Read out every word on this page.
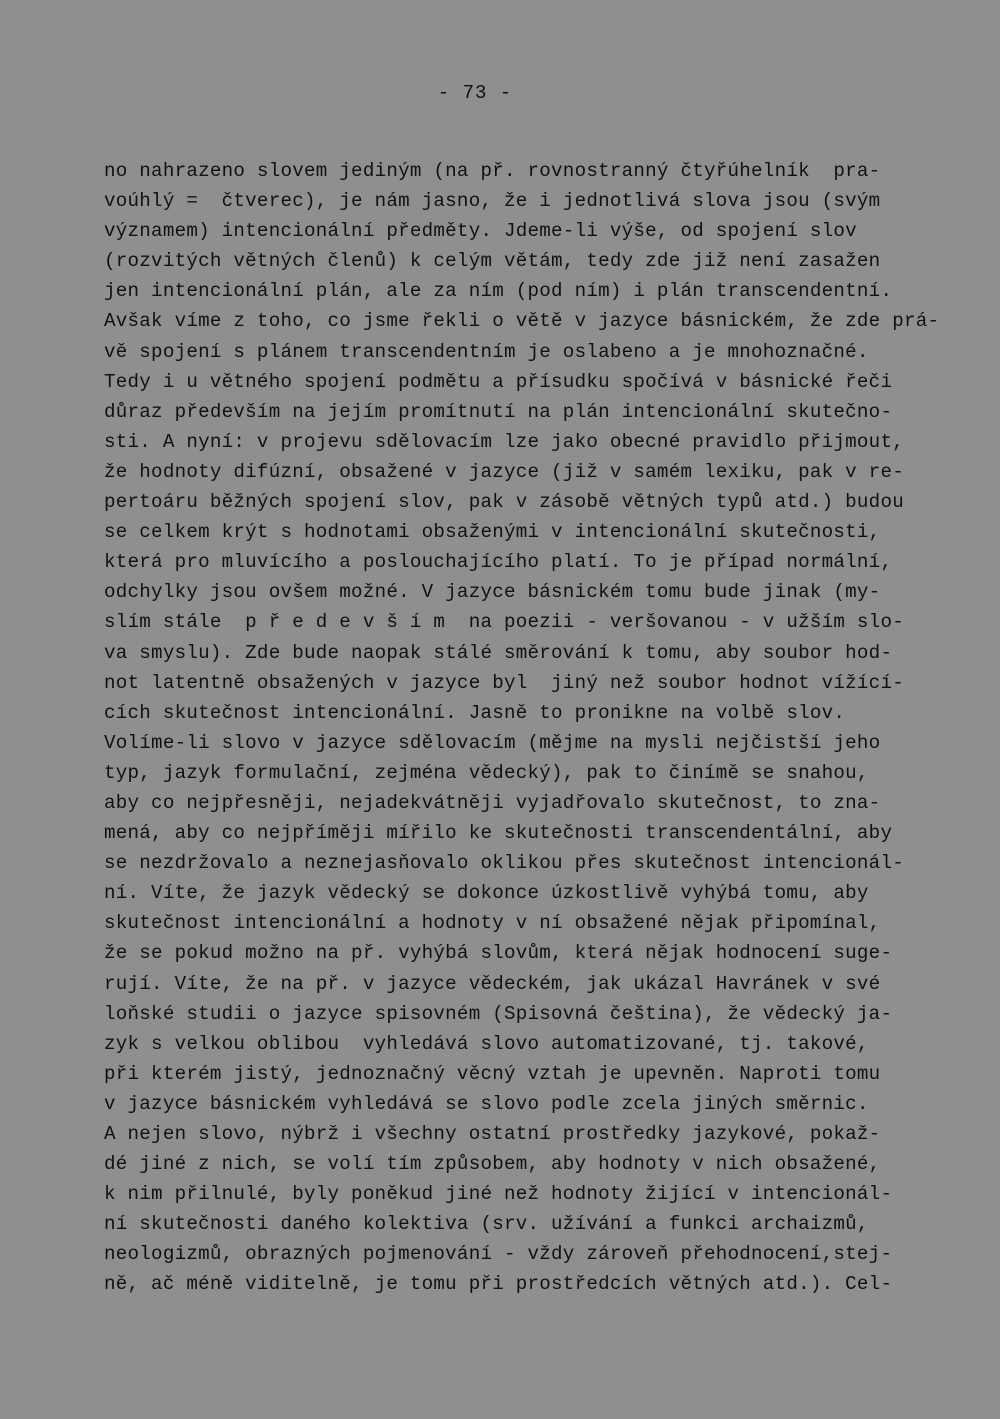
- 73 -
no nahrazeno slovem jediným (na př. rovnostranný čtyřúhelník  pra-
voúhlý =  čtverec), je nám jasno, že i jednotlivá slova jsou (svým
významem) intencionální předměty. Jdeme-li výše, od spojení slov
(rozvitých větných členů) k celým větám, tedy zde již není zasažen
jen intencionální plán, ale za ním (pod ním) i plán transcendentní.
Avšak víme z toho, co jsme řekli o větě v jazyce básnickém, že zde prá-
vě spojení s plánem transcendentním je oslabeno a je mnohoznačné.
Tedy i u větného spojení podmětu a přísudku spočívá v básnické řeči
důraz především na jejím promítnutí na plán intencionální skutečno-
sti. A nyní: v projevu sdělovacím lze jako obecné pravidlo přijmout,
že hodnoty difúzní, obsažené v jazyce (již v samém lexiku, pak v re-
pertoáru běžných spojení slov, pak v zásobě větných typů atd.) budou
se celkem krýt s hodnotami obsaženými v intencionální skutečnosti,
která pro mluvícího a poslouchajícího platí. To je případ normální,
odchylky jsou ovšem možné. V jazyce básnickém tomu bude jinak (my-
slím stále  p ř e d e v š í m  na poezii - veršovanou - v užším slo-
va smyslu). Zde bude naopak stálé směrování k tomu, aby soubor hod-
not latentně obsažených v jazyce byl  jiný než soubor hodnot vížící-
cích skutečnost intencionální. Jasně to pronikne na volbě slov.
Volíme-li slovo v jazyce sdělovacím (mějme na mysli nejčistší jeho
typ, jazyk formulační, zejména vědecký), pak to činímě se snahou,
aby co nejpřesněji, nejadekvátněji vyjadřovalo skutečnost, to zna-
mená, aby co nejpříměji mířilo ke skutečnosti transcendentální, aby
se nezdržovalo a neznejasňovalo oklikou přes skutečnost intencionál-
ní. Víte, že jazyk vědecký se dokonce úzkostlivě vyhýbá tomu, aby
skutečnost intencionální a hodnoty v ní obsažené nějak připomínal,
že se pokud možno na př. vyhýbá slovům, která nějak hodnocení suge-
rují. Víte, že na př. v jazyce vědeckém, jak ukázal Havránek v své
loňské studii o jazyce spisovném (Spisovná čeština), že vědecký ja-
zyk s velkou oblibou  vyhledává slovo automatizované, tj. takové,
při kterém jistý, jednoznačný věcný vztah je upevněn. Naproti tomu
v jazyce básnickém vyhledává se slovo podle zcela jiných směrnic.
A nejen slovo, nýbrž i všechny ostatní prostředky jazykové, pokaž-
dé jiné z nich, se volí tím způsobem, aby hodnoty v nich obsažené,
k nim přilnulé, byly poněkud jiné než hodnoty žijící v intencionál-
ní skutečnosti daného kolektiva (srv. užívání a funkci archaizmů,
neologizmů, obrazných pojmenování - vždy zároveň přehodnocení,stej-
ně, ač méně viditelně, je tomu při prostředcích větných atd.). Cel-
